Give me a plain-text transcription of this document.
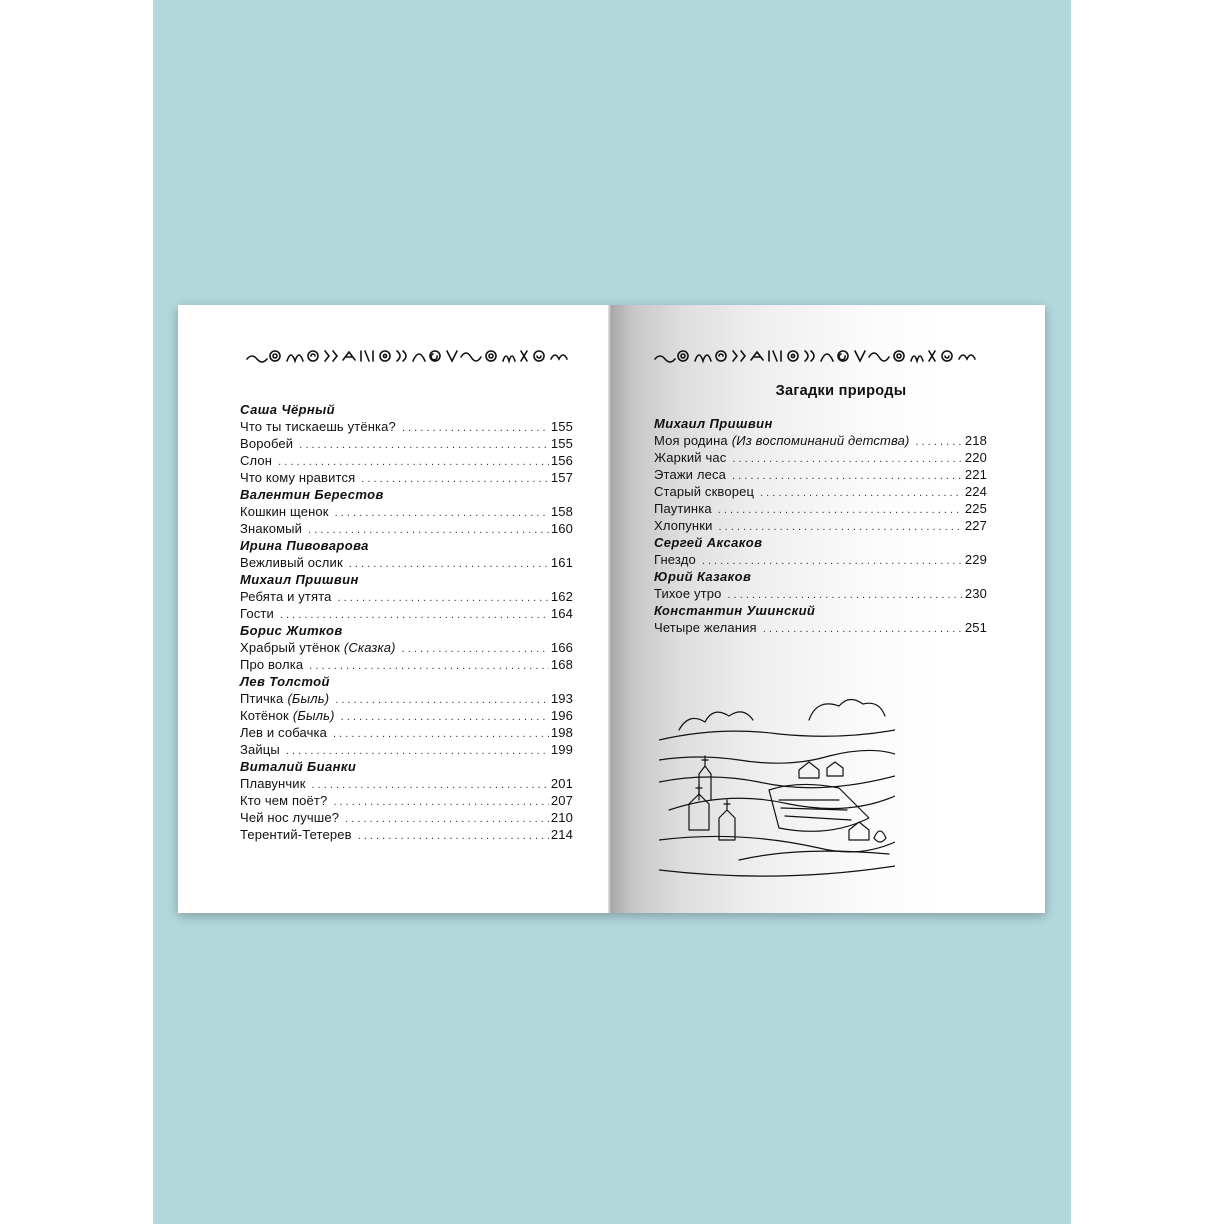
Саша Чёрный
Что ты тискаешь утёнка? . . .	155
Воробей . . .	155
Слон . . .	156
Что кому нравится . . .	157
Валентин Берестов
Кошкин щенок . . .	158
Знакомый . . .	160
Ирина Пивоварова
Вежливый ослик . . .	161
Михаил Пришвин
Ребята и утята . . .	162
Гости . . .	164
Борис Житков
Храбрый утёнок (Сказка) . . .	166
Про волка . . .	168
Лев Толстой
Птичка (Быль) . . .	193
Котёнок (Быль) . . .	196
Лев и собачка . . .	198
Зайцы . . .	199
Виталий Бианки
Плавунчик . . .	201
Кто чем поёт? . . .	207
Чей нос лучше? . . .	210
Терентий-Тетерев . . .	214
Загадки природы
Михаил Пришвин
Моя родина (Из воспоминаний детства) . . .	218
Жаркий час . . .	220
Этажи леса . . .	221
Старый скворец . . .	224
Паутинка . . .	225
Хлопунки . . .	227
Сергей Аксаков
Гнездо . . .	229
Юрий Казаков
Тихое утро . . .	230
Константин Ушинский
Четыре желания . . .	251
